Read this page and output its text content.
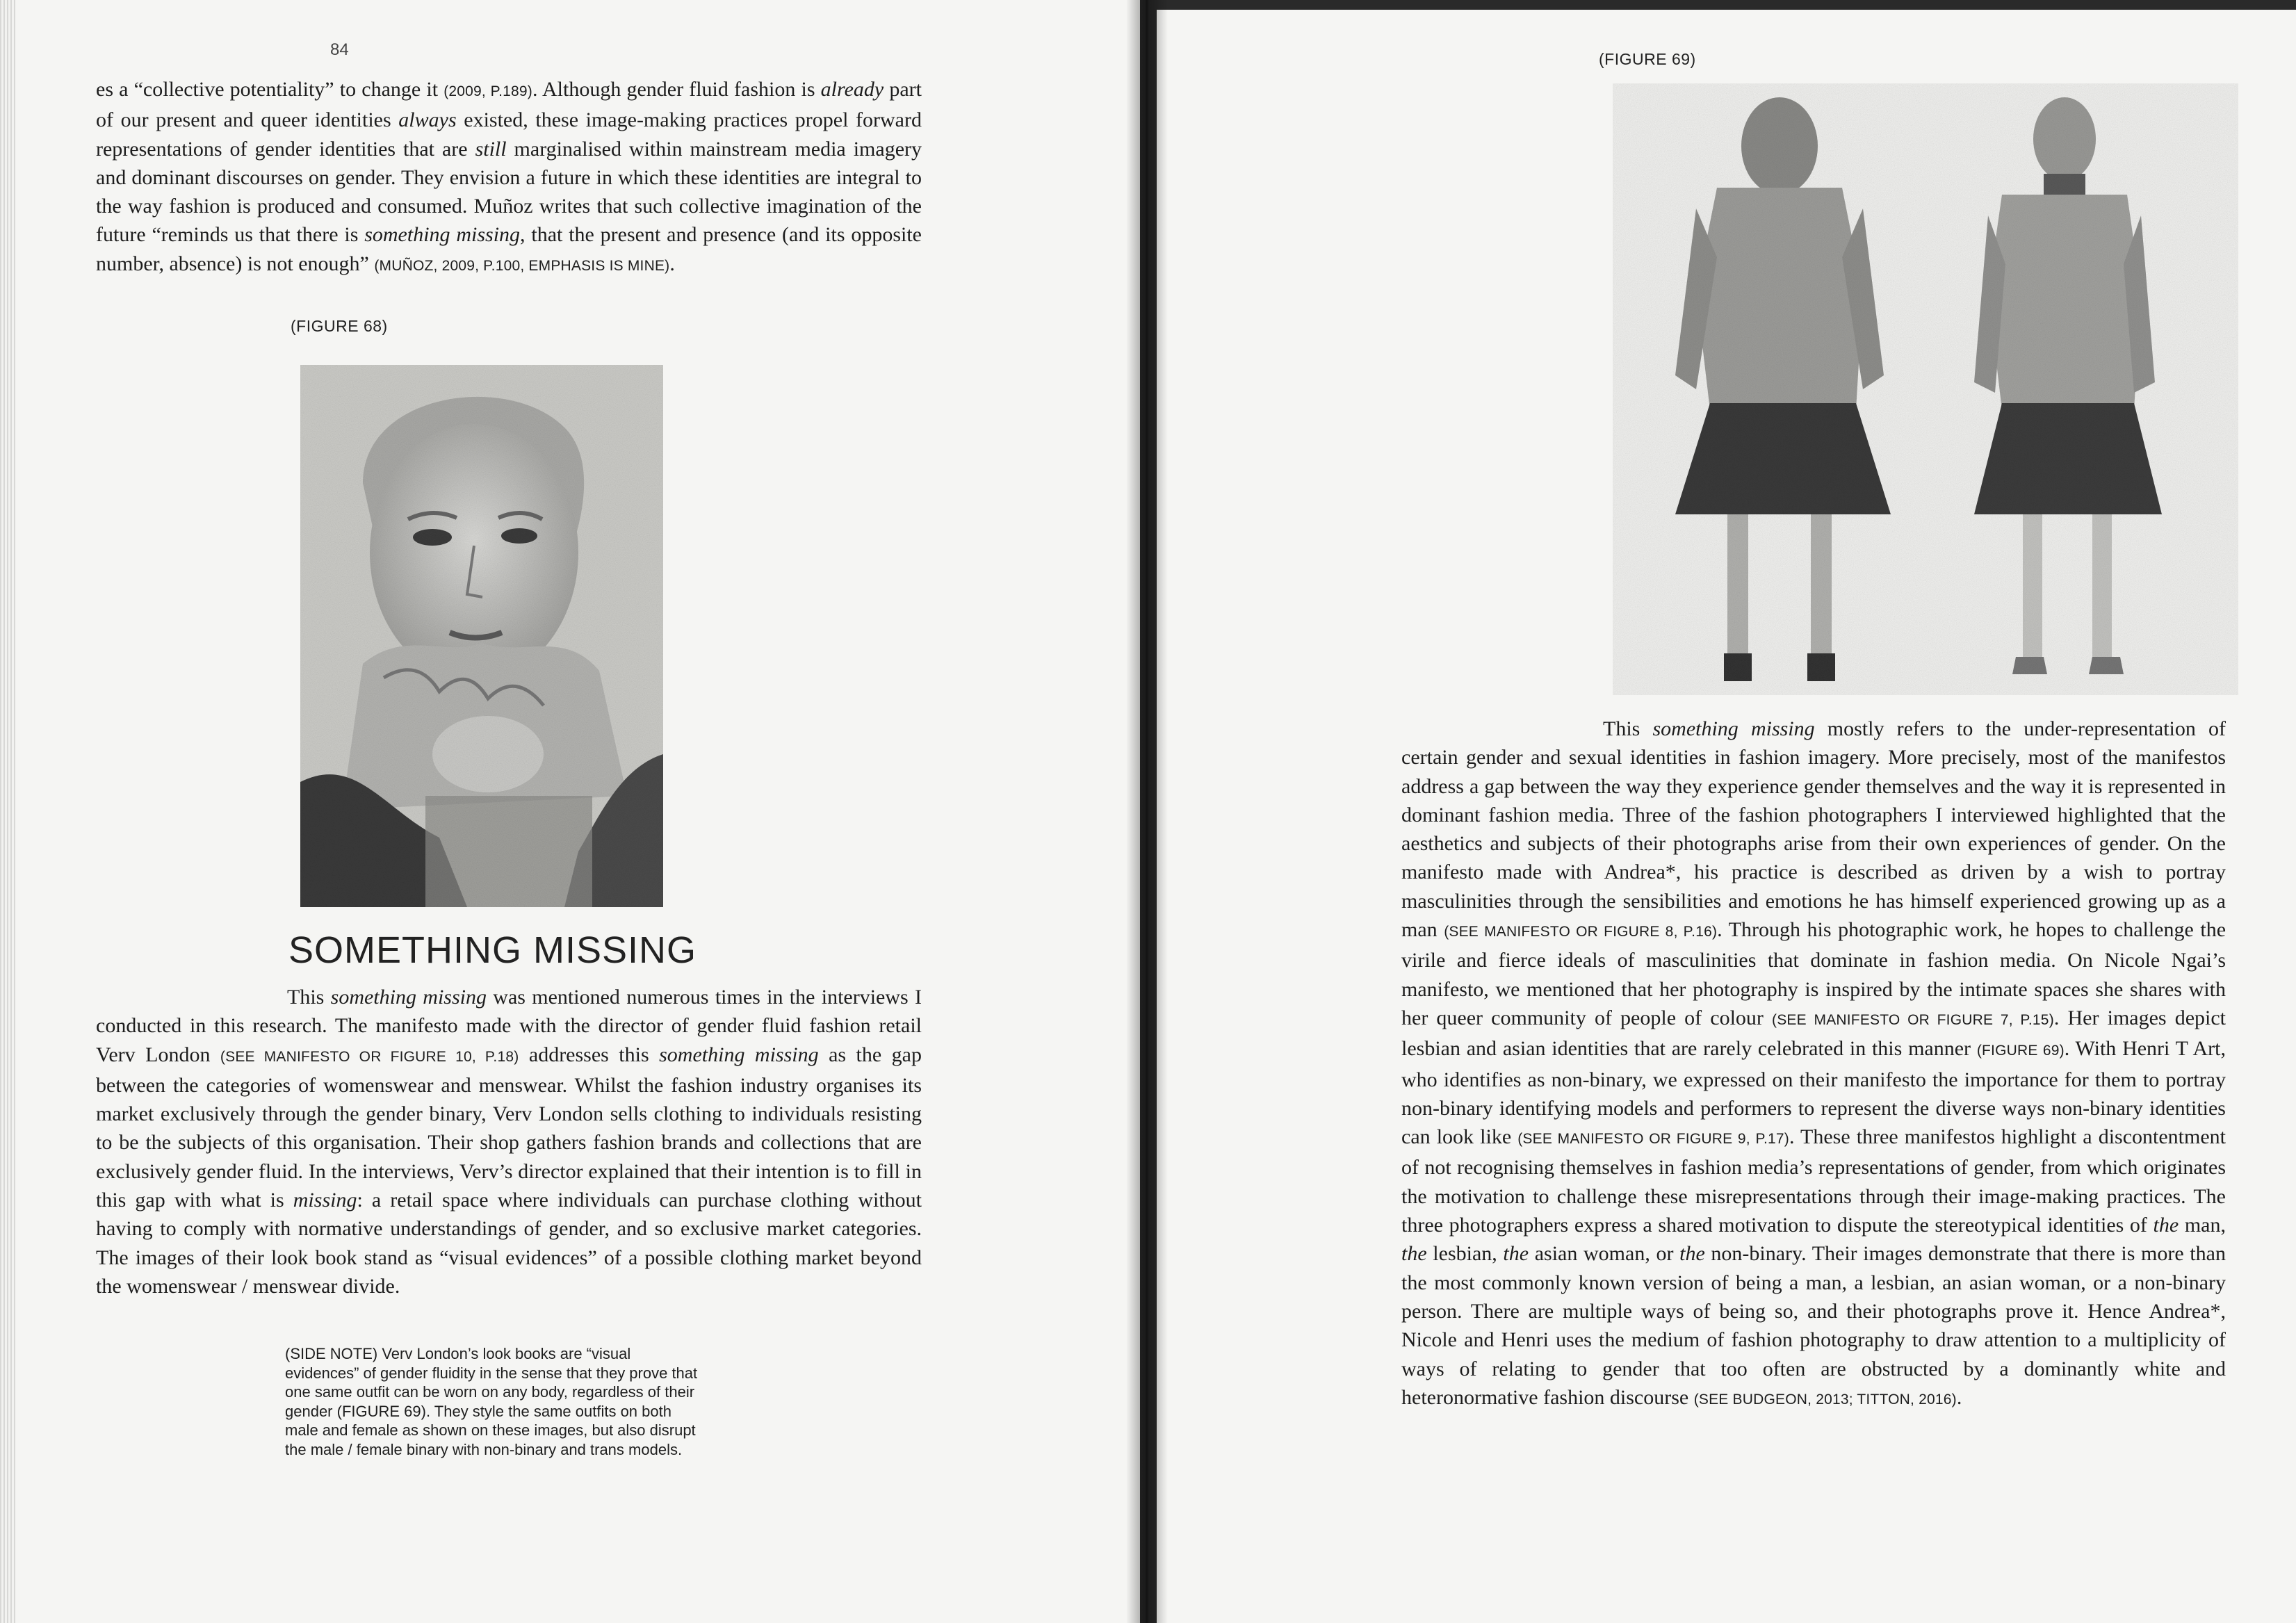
84

es a “collective potentiality” to change it (2009, P.189). Although gender fluid fashion is already part of our present and queer identities always existed, these image-making practices propel forward representations of gender identities that are still marginalised within mainstream media imagery and dominant discourses on gender. They envision a future in which these identities are integral to the way fashion is produced and consumed. Muñoz writes that such collective imagination of the future “reminds us that there is something missing, that the present and presence (and its opposite number, absence) is not enough” (MUÑOZ, 2009, P.100, EMPHASIS IS MINE).

(FIGURE 68)
SOMETHING MISSING

This something missing was mentioned numerous times in the interviews I conducted in this research. The manifesto made with the director of gender fluid fashion retail Verv London (SEE MANIFESTO OR FIGURE 10, P.18) addresses this something missing as the gap between the categories of womenswear and menswear. Whilst the fashion industry organises its market exclusively through the gender binary, Verv London sells clothing to individuals resisting to be the subjects of this organisation. Their shop gathers fashion brands and collections that are exclusively gender fluid. In the interviews, Verv’s director explained that their intention is to fill in this gap with what is missing: a retail space where individuals can purchase clothing without having to comply with normative understandings of gender, and so exclusive market categories. The images of their look book stand as “visual evidences” of a possible clothing market beyond the womenswear / menswear divide.

(SIDE NOTE) Verv London’s look books are “visual evidences” of gender fluidity in the sense that they prove that one same outfit can be worn on any body, regardless of their gender (FIGURE 69). They style the same outfits on both male and female as shown on these images, but also disrupt the male / female binary with non-binary and trans models.
(FIGURE 69)

This something missing mostly refers to the under-representation of certain gender and sexual identities in fashion imagery. More precisely, most of the manifestos address a gap between the way they experience gender themselves and the way it is represented in dominant fashion media. Three of the fashion photographers I interviewed highlighted that the aesthetics and subjects of their photographs arise from their own experiences of gender. On the manifesto made with Andrea*, his practice is described as driven by a wish to portray masculinities through the sensibilities and emotions he has himself experienced growing up as a man (SEE MANIFESTO OR FIGURE 8, P.16). Through his photographic work, he hopes to challenge the virile and fierce ideals of masculinities that dominate in fashion media. On Nicole Ngai’s manifesto, we mentioned that her photography is inspired by the intimate spaces she shares with her queer community of people of colour (SEE MANIFESTO OR FIGURE 7, P.15). Her images depict lesbian and asian identities that are rarely celebrated in this manner (FIGURE 69). With Henri T Art, who identifies as non-binary, we expressed on their manifesto the importance for them to portray non-binary identifying models and performers to represent the diverse ways non-binary identities can look like (SEE MANIFESTO OR FIGURE 9, P.17). These three manifestos highlight a discontentment of not recognising themselves in fashion media’s representations of gender, from which originates the motivation to challenge these misrepresentations through their image-making practices. The three photographers express a shared motivation to dispute the stereotypical identities of the man, the lesbian, the asian woman, or the non-binary. Their images demonstrate that there is more than the most commonly known version of being a man, a lesbian, an asian woman, or a non-binary person. There are multiple ways of being so, and their photographs prove it. Hence Andrea*, Nicole and Henri uses the medium of fashion photography to draw attention to a multiplicity of ways of relating to gender that too often are obstructed by a dominantly white and heteronormative fashion discourse (SEE BUDGEON, 2013; TITTON, 2016).
